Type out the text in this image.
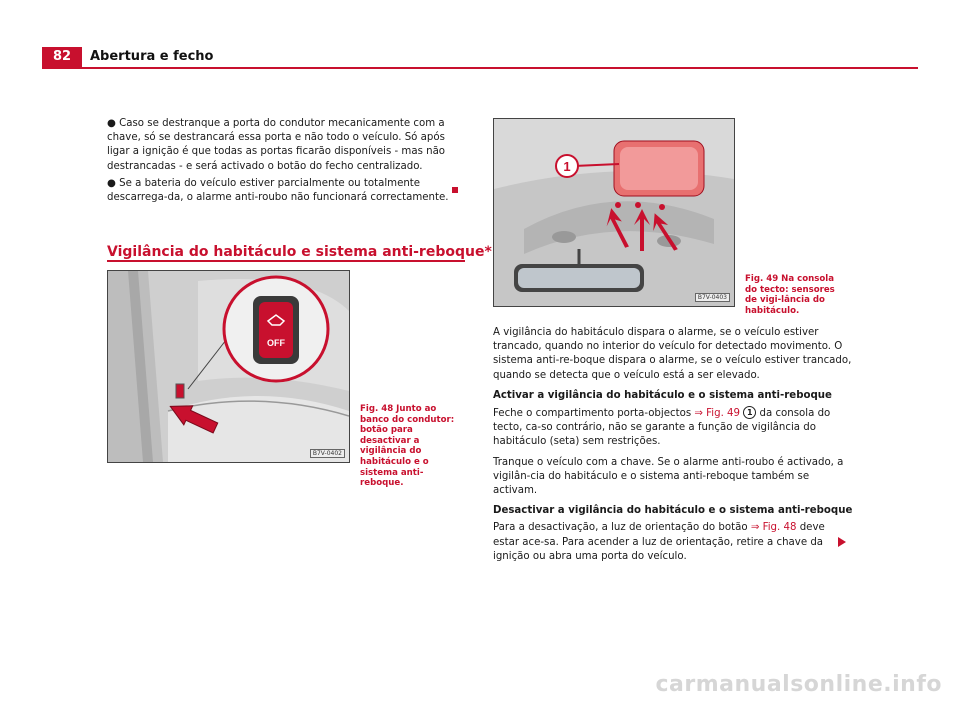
82	Abertura e fecho

● Caso se destranque a porta do condutor mecanicamente com a chave, só se destrancará essa porta e não todo o veículo. Só após ligar a ignição é que todas as portas ficarão disponíveis - mas não destrancadas - e será activado o botão do fecho centralizado.

● Se a bateria do veículo estiver parcialmente ou totalmente descarrega-da, o alarme anti-roubo não funcionará correctamente.

Vigilância do habitáculo e sistema anti-reboque*
OFF
B7V-0402
Fig. 48 Junto ao banco do condutor: botão para desactivar a vigilância do habitáculo e o sistema anti-reboque.
1
B7V-0403
Fig. 49 Na consola do tecto: sensores de vigi-lância do habitáculo.

A vigilância do habitáculo dispara o alarme, se o veículo estiver trancado, quando no interior do veículo for detectado movimento. O sistema anti-re-boque dispara o alarme, se o veículo estiver trancado, quando se detecta que o veículo está a ser elevado.

Activar a vigilância do habitáculo e o sistema anti-reboque

Feche o compartimento porta-objectos ⇒ Fig. 49 1 da consola do tecto, ca-so contrário, não se garante a função de vigilância do habitáculo (seta) sem restrições.

Tranque o veículo com a chave. Se o alarme anti-roubo é activado, a vigilân-cia do habitáculo e o sistema anti-reboque também se activam.

Desactivar a vigilância do habitáculo e o sistema anti-reboque

Para a desactivação, a luz de orientação do botão ⇒ Fig. 48 deve estar ace-sa. Para acender a luz de orientação, retire a chave da ignição ou abra uma porta do veículo.

carmanualsonline.info
